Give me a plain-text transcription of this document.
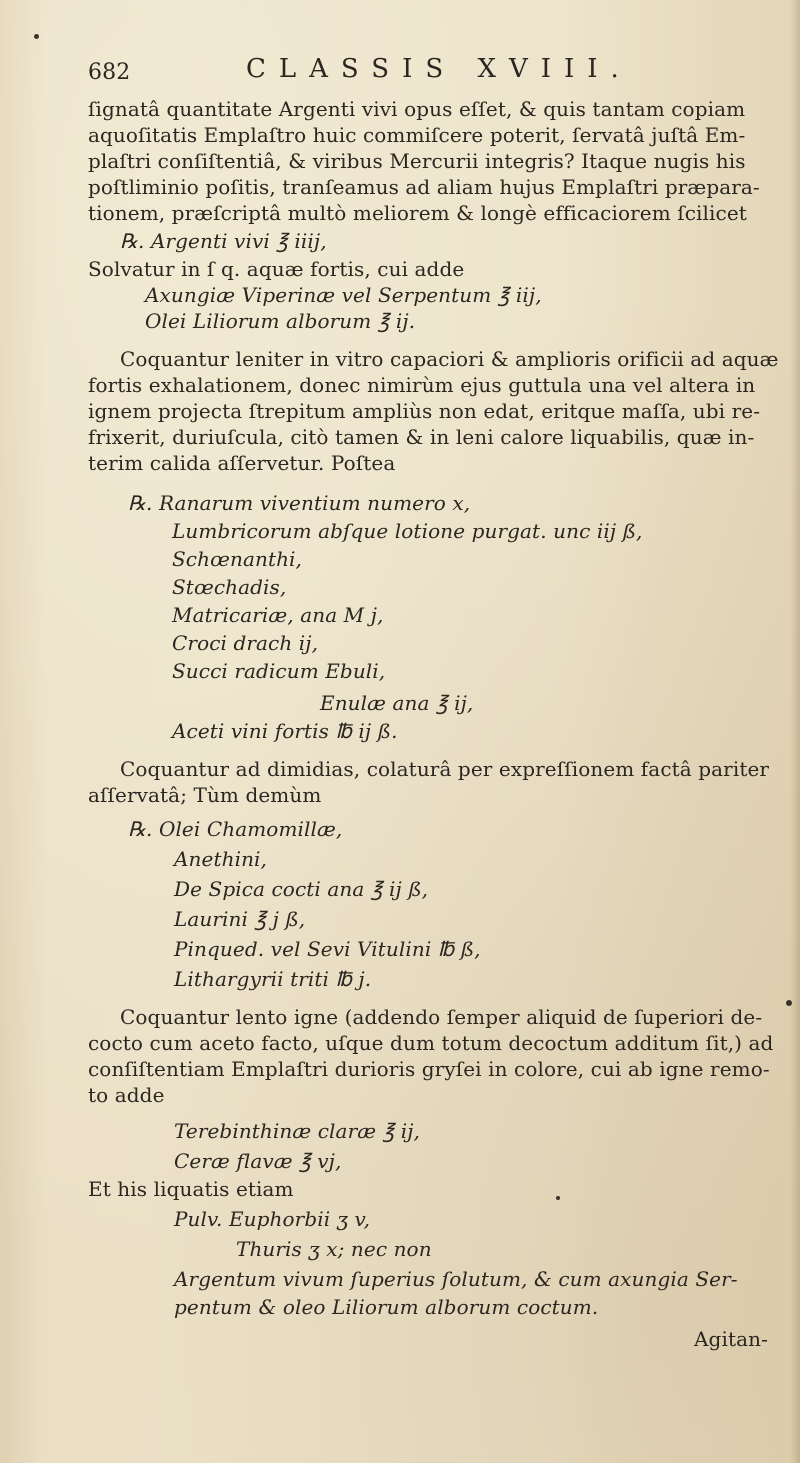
682	CLASSIS XVIII.
ſignatâ quantitate Argenti vivi opus eſſet, & quis tantam copiam
aquoſitatis Emplaſtro huic commiſcere poterit, ſervatâ juſtâ Em-
plaſtri conſiſtentiâ, & viribus Mercurii integris? Itaque nugis his
poſtliminio poſitis, tranſeamus ad aliam hujus Emplaſtri præpara-
tionem, præſcriptâ multò meliorem & longè efficaciorem ſcilicet
℞. Argenti vivi ℥ iiij,
Solvatur in ſ q. aquæ fortis, cui adde
Axungiæ Viperinæ vel Serpentum ℥ iij,
Olei Liliorum alborum ℥ ij.
Coquantur leniter in vitro capaciori & amplioris orificii ad aquæ
fortis exhalationem, donec nimirùm ejus guttula una vel altera in
ignem projecta ſtrepitum ampliùs non edat, eritque maſſa, ubi re-
frixerit, duriuſcula, citò tamen & in leni calore liquabilis, quæ in-
terim calida aſſervetur. Poſtea
℞. Ranarum viventium numero x,
Lumbricorum abſque lotione purgat. unc iij ß,
Schœnanthi,
Stœchadis,
Matricariæ, ana M j,
Croci drach ij,
Succi radicum Ebuli,
Enulæ ana ℥ ij,
Aceti vini fortis ℔ ij ß.
Coquantur ad dimidias, colaturâ per expreſſionem factâ pariter
aſſervatâ; Tùm demùm
℞. Olei Chamomillæ,
Anethini,
De Spica cocti ana ℥ ij ß,
Laurini ℥ j ß,
Pinqued. vel Sevi Vitulini ℔ ß,
Lithargyrii triti ℔ j.
Coquantur lento igne (addendo ſemper aliquid de ſuperiori de-
cocto cum aceto facto, uſque dum totum decoctum additum ſit,) ad
conſiſtentiam Emplaſtri durioris gryſei in colore, cui ab igne remo-
to adde
Terebinthinæ claræ ℥ ij,
Ceræ flavæ ℥ vj,
Et his liquatis etiam
Pulv. Euphorbii ʒ v,
Thuris ʒ x; nec non
Argentum vivum ſuperius ſolutum, & cum axungia Ser-
pentum & oleo Liliorum alborum coctum.
Agitan-
